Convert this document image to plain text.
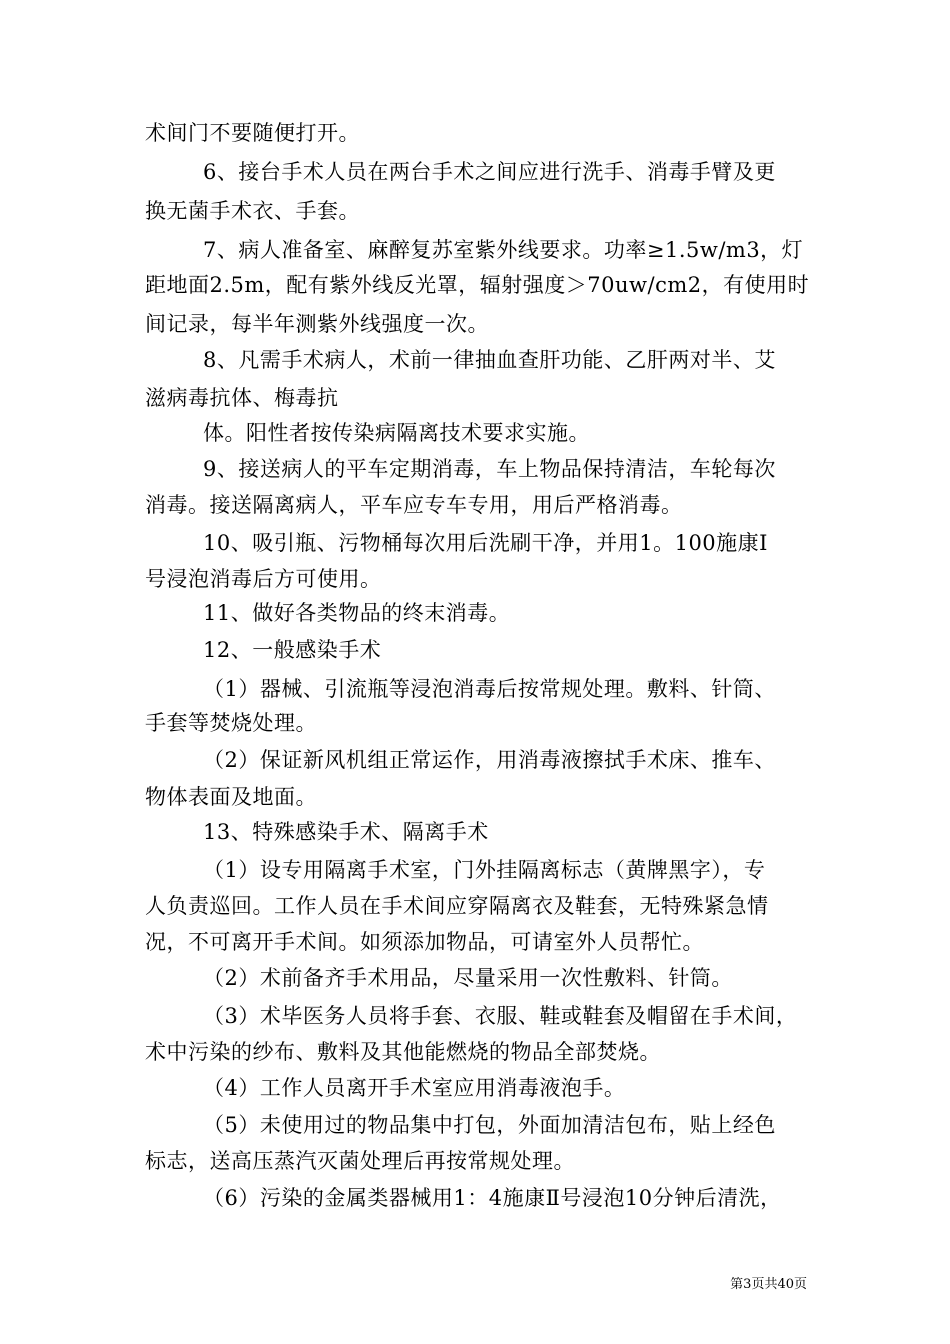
术间门不要随便打开。
6、接台手术人员在两台手术之间应进行洗手、消毒手臂及更
换无菌手术衣、手套。
7、病人准备室、麻醉复苏室紫外线要求。功率≥1.5w/m3，灯
距地面2.5m，配有紫外线反光罩，辐射强度＞70uw/cm2，有使用时
间记录，每半年测紫外线强度一次。
8、凡需手术病人，术前一律抽血查肝功能、乙肝两对半、艾
滋病毒抗体、梅毒抗
体。阳性者按传染病隔离技术要求实施。
9、接送病人的平车定期消毒，车上物品保持清洁，车轮每次
消毒。接送隔离病人，平车应专车专用，用后严格消毒。
10、吸引瓶、污物桶每次用后洗刷干净，并用1。100施康Ⅰ
号浸泡消毒后方可使用。
11、做好各类物品的终末消毒。
12、一般感染手术
（1）器械、引流瓶等浸泡消毒后按常规处理。敷料、针筒、
手套等焚烧处理。
（2）保证新风机组正常运作，用消毒液擦拭手术床、推车、
物体表面及地面。
13、特殊感染手术、隔离手术
（1）设专用隔离手术室，门外挂隔离标志（黄牌黑字），专
人负责巡回。工作人员在手术间应穿隔离衣及鞋套，无特殊紧急情
况，不可离开手术间。如须添加物品，可请室外人员帮忙。
（2）术前备齐手术用品，尽量采用一次性敷料、针筒。
（3）术毕医务人员将手套、衣服、鞋或鞋套及帽留在手术间，
术中污染的纱布、敷料及其他能燃烧的物品全部焚烧。
（4）工作人员离开手术室应用消毒液泡手。
（5）未使用过的物品集中打包，外面加清洁包布，贴上经色
标志，送高压蒸汽灭菌处理后再按常规处理。
（6）污染的金属类器械用1：4施康Ⅱ号浸泡10分钟后清洗，
第3页共40页
